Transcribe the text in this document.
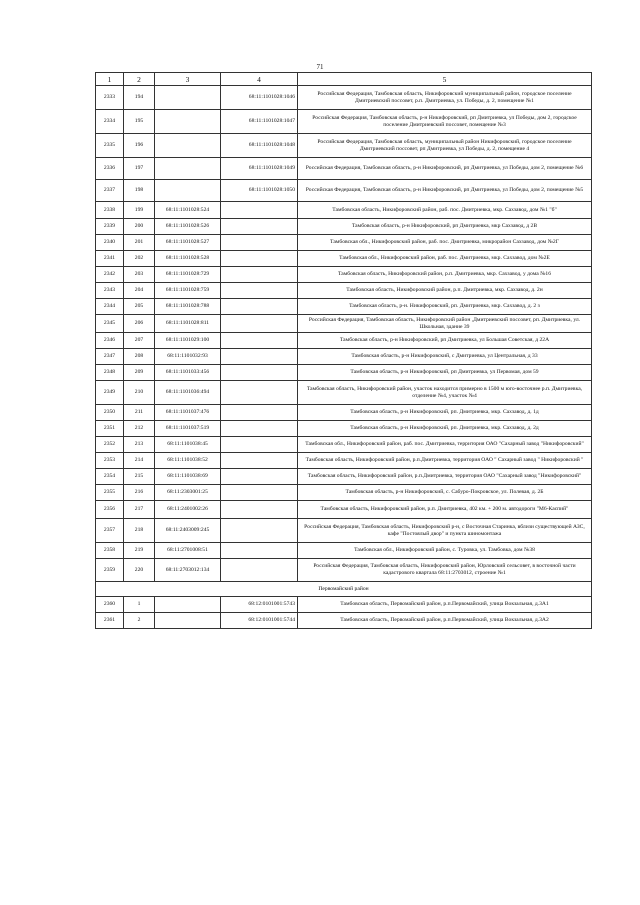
71
1	2	3	4	5
2333	194		68:11:1101028:1046	Российская Федерация, Тамбовская область, Никифоровский муниципальный район, городское поселение Дмитриевский поссовет, р.п. Дмитриевка, ул. Победы, д. 2, помещение №1
2334	195		68:11:1101028:1047	Российская Федерация, Тамбовская область, р-н Никифоровский, рп Дмитриевка, ул Победы, дом 2, городское поселение Дмитриевский поссовет, помещение №3
2335	196		68:11:1101028:1048	Российская Федерация, Тамбовская область, муниципальный район Никифоровский, городское поселение Дмитриевский поссовет, рп Дмитриевка, ул Победы, д. 2, помещение 4
2336	197		68:11:1101028:1049	Российская Федерация, Тамбовская область, р-н Никифоровский, рп Дмитриевка, ул Победы, дом 2, помещение №6
2337	198		68:11:1101028:1050	Российская Федерация, Тамбовская область, р-н Никифоровский, рп Дмитриевка, ул Победы, дом 2, помещение №5
2338	199	68:11:1101028:524		Тамбовская область, Никифоровский район, раб. пос. Дмитриевка, мкр. Сахзавод, дом №1 "б"
2339	200	68:11:1101028:526		Тамбовская область, р-н Никифоровский, рп Дмитриевка, мкр Сахзавод, д 2В
2340	201	68:11:1101028:527		Тамбовская обл., Никифоровский район, раб. пос. Дмитриевка, микрорайон Сахзавод, дом №2Г
2341	202	68:11:1101028:528		Тамбовская обл., Никифоровский район, раб. пос. Дмитриевка, мкр. Сахзавод, дом №2Е
2342	203	68:11:1101028:729		Тамбовская область, Никифоровский район, р.п. Дмитриевка, мкр. Сахзавод, у дома №16
2343	204	68:11:1101028:759		Тамбовская область, Никифоровский район, р.п. Дмитриевка, мкр. Сахзавод, д. 2н
2344	205	68:11:1101028:788		Тамбовская область, р-н. Никифоровский, рп. Дмитриевка, мкр. Сахзавод, д. 2 з
2345	206	68:11:1101028:811		Российская Федерация, Тамбовская область, Никифоровский район ,Дмитриевский поссовет, рп. Дмитриевка, ул. Школьная, здание 39
2346	207	68:11:1101029:100		Тамбовская область, р-н Никифоровский, рп Дмитриевка, ул Большая Советская, д 22А
2347	208	68:11:1101032:93		Тамбовская область, р-н Никифоровский, с Дмитриевка, ул Центральная, д 33
2348	209	68:11:1101033:456		Тамбовская область, р-н Никифоровский, рп Дмитриевка, ул Первомая, дом 59
2349	210	68:11:1101036:494		Тамбовская область, Никифоровский район, участок находится примерно в 1500 м юго-восточнее р.п. Дмитриевка, отделение №4, участок №4
2350	211	68:11:1101037:476		Тамбовская область, р-н Никифоровский, рп. Дмитриевка, мкр. Сахзавод, д. 1д
2351	212	68:11:1101037:519		Тамбовская область, р-н Никифоровский, рп. Дмитриевка, мкр. Сахзавод, д. 2д
2352	213	68:11:1101038:45		Тамбовская обл., Никифоровский район, раб. пос. Дмитриевка, территория ОАО "Сахарный завод "Никифоровский"
2353	214	68:11:1101038:52		Тамбовская область, Никифоровский район, р.п.Дмитриевка, территория ОАО " Сахарный завод " Никифоровский "
2354	215	68:11:1101038:69		Тамбовская область, Никифоровский район, р.п.Дмитриевка, территория ОАО "Сахарный завод "Никифоровский"
2355	216	68:11:2303001:25		Тамбовская область, р-н Никифоровский, с. Сабуро-Покровское, ул. Полевая, д. 2Б
2356	217	68:11:2401002:26		Тамбовская область, Никифоровский район, р.п. Дмитриевка, 402 км. + 200 м. автодороги "М6-Каспий"
2357	218	68:11:2403009:245		Российская Федерация, Тамбовская область, Никифоровский р-н, с Восточная Старинка, вблизи существующей АЗС, кафе "Постоялый двор" и пункта шиномонтажа
2358	219	68:11:2701008:51		Тамбовская обл., Никифоровский район, с. Туровка, ул. Тамбовка, дом №38
2359	220	68:11:2703012:134		Российская Федерация, Тамбовская область, Никифоровский район, Юрловский сельсовет, в восточной части кадастрового квартала 68:11:2703012, строение №1
Первомайский район				
2360	1		68:12:0101001:5743	Тамбовская область, Первомайский район, р.п.Первомайский, улица Вокзальная, д.3А1
2361	2		68:12:0101001:5744	Тамбовская область, Первомайский район, р.п.Первомайский, улица Вокзальная, д.3А2
